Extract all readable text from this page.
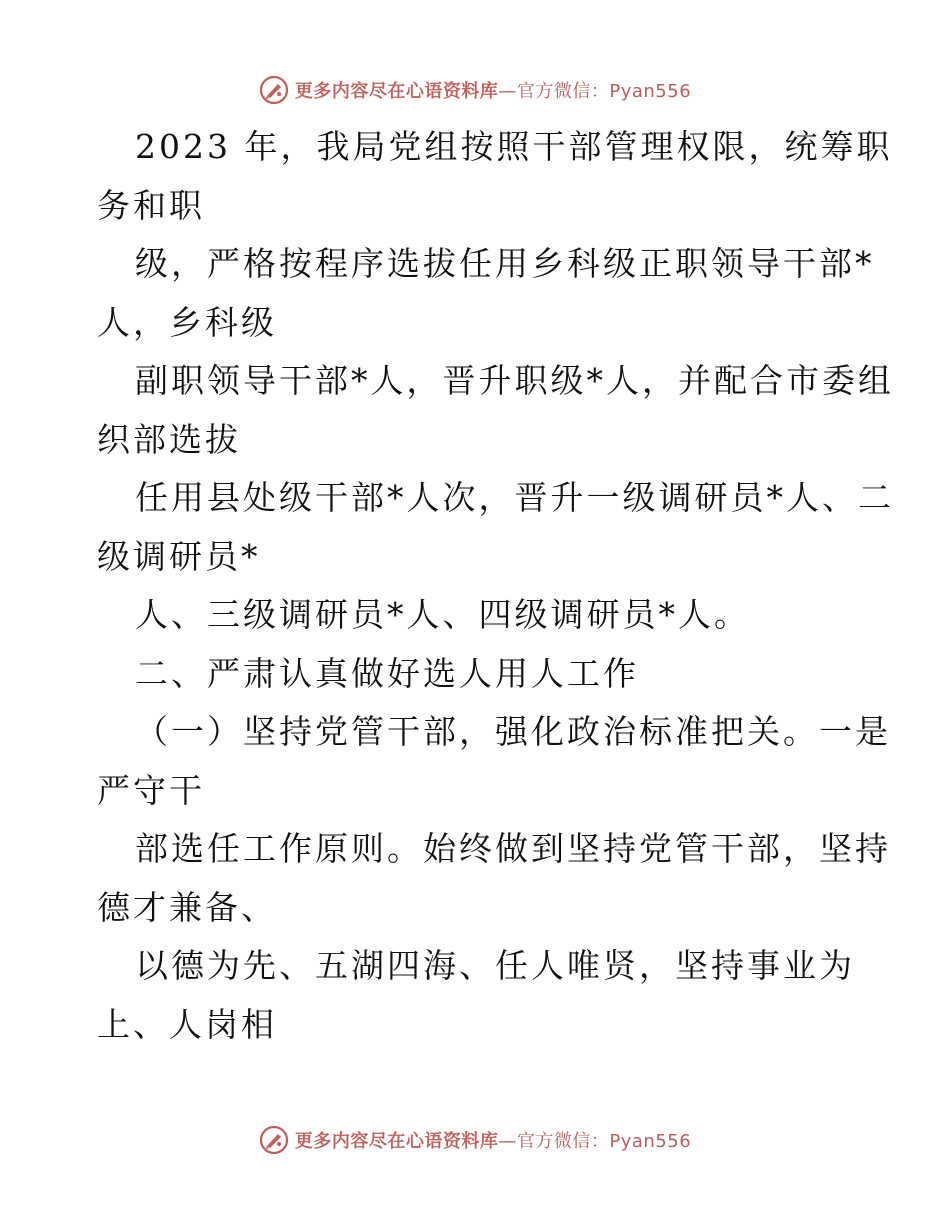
更多内容尽在心语资料库—官方微信：Pyan556
2023 年，我局党组按照干部管理权限，统筹职
务和职
级，严格按程序选拔任用乡科级正职领导干部*
人，乡科级
副职领导干部*人，晋升职级*人，并配合市委组
织部选拔
任用县处级干部*人次，晋升一级调研员*人、二
级调研员*
人、三级调研员*人、四级调研员*人。
二、严肃认真做好选人用人工作
（一）坚持党管干部，强化政治标准把关。一是
严守干
部选任工作原则。始终做到坚持党管干部，坚持
德才兼备、
以德为先、五湖四海、任人唯贤，坚持事业为
上、人岗相
更多内容尽在心语资料库—官方微信：Pyan556
